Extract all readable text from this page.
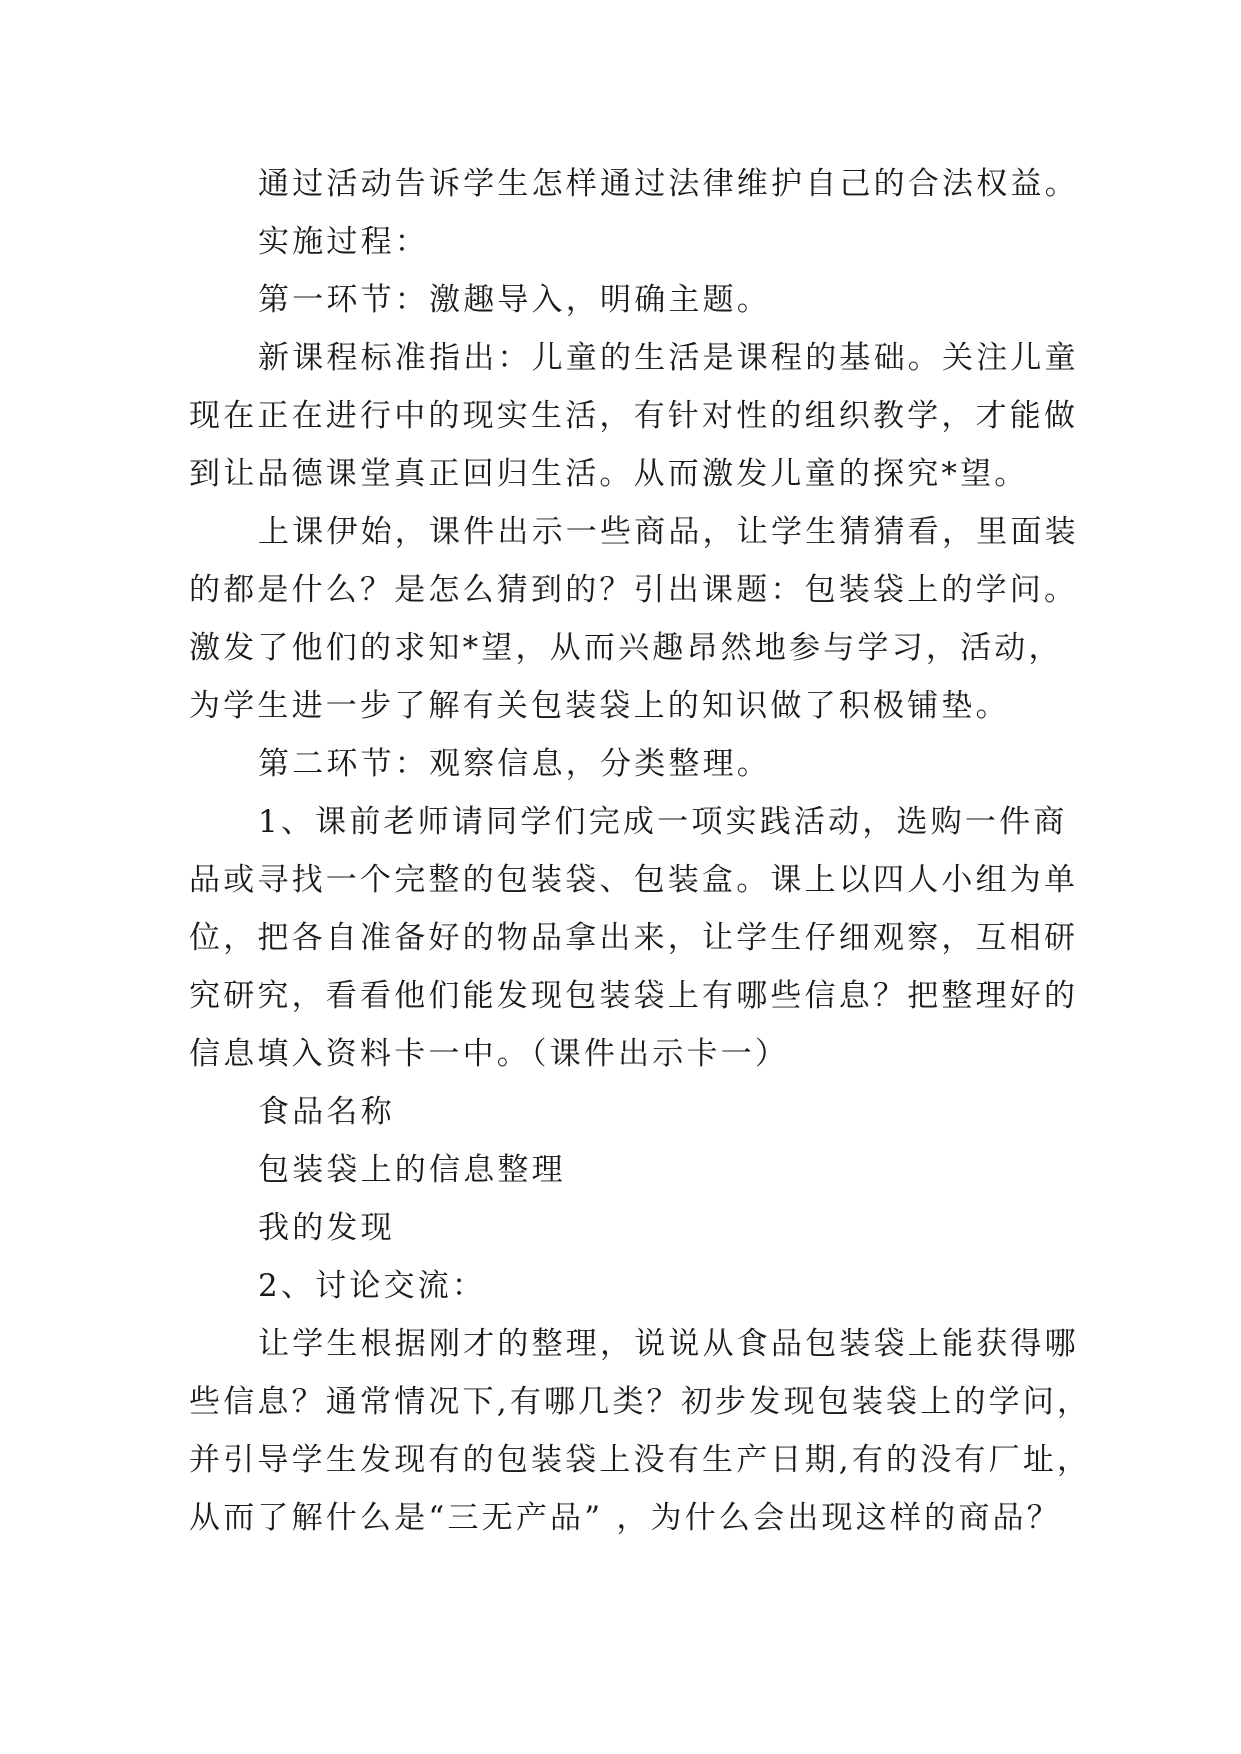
通过活动告诉学生怎样通过法律维护自己的合法权益。
实施过程：
第一环节：激趣导入，明确主题。
新课程标准指出：儿童的生活是课程的基础。关注儿童
现在正在进行中的现实生活，有针对性的组织教学，才能做
到让品德课堂真正回归生活。从而激发儿童的探究*望。
上课伊始，课件出示一些商品，让学生猜猜看，里面装
的都是什么？是怎么猜到的？引出课题：包装袋上的学问。
激发了他们的求知*望，从而兴趣昂然地参与学习，活动，
为学生进一步了解有关包装袋上的知识做了积极铺垫。
第二环节：观察信息，分类整理。
1、课前老师请同学们完成一项实践活动，选购一件商
品或寻找一个完整的包装袋、包装盒。课上以四人小组为单
位，把各自准备好的物品拿出来，让学生仔细观察，互相研
究研究，看看他们能发现包装袋上有哪些信息？把整理好的
信息填入资料卡一中。（课件出示卡一）
食品名称
包装袋上的信息整理
我的发现
2、讨论交流：
让学生根据刚才的整理，说说从食品包装袋上能获得哪
些信息？通常情况下,有哪几类？初步发现包装袋上的学问，
并引导学生发现有的包装袋上没有生产日期,有的没有厂址，
从而了解什么是“三无产品” ，为什么会出现这样的商品？
